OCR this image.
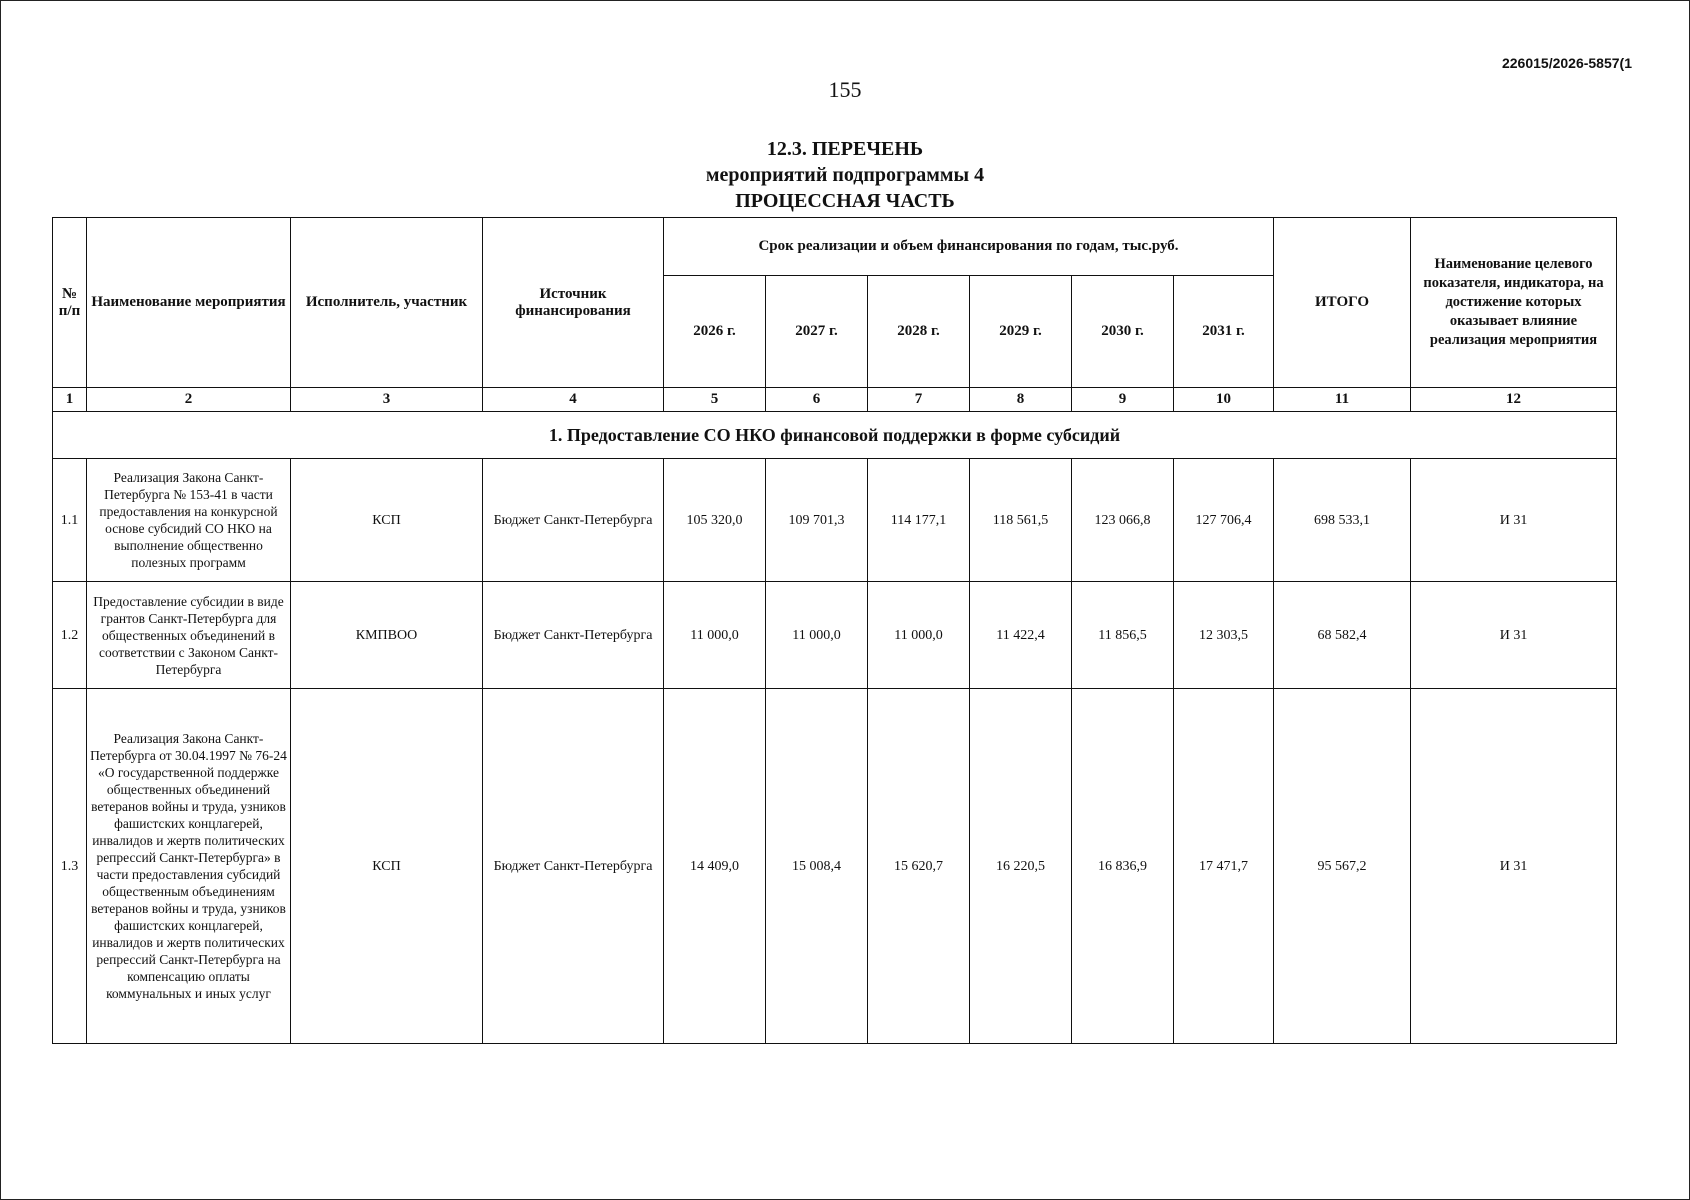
226015/2026-5857(1
155
12.3. ПЕРЕЧЕНЬ
мероприятий подпрограммы 4
ПРОЦЕССНАЯ ЧАСТЬ
№ п/п	Наименование мероприятия	Исполнитель, участник	Источник финансирования	Срок реализации и объем финансирования по годам, тыс.руб.						ИТОГО	Наименование целевого показателя, индикатора, на достижение которых оказывает влияние реализация мероприятия
				2026 г.	2027 г.	2028 г.	2029 г.	2030 г.	2031 г.		
1	2	3	4	5	6	7	8	9	10	11	12
1. Предоставление СО НКО финансовой поддержки в форме субсидий											
1.1	Реализация Закона Санкт-Петербурга № 153-41 в части предоставления на конкурсной основе субсидий СО НКО на выполнение общественно полезных программ	КСП	Бюджет Санкт-Петербурга	105 320,0	109 701,3	114 177,1	118 561,5	123 066,8	127 706,4	698 533,1	И 31
1.2	Предоставление субсидии в виде грантов Санкт-Петербурга для общественных объединений в соответствии с Законом Санкт-Петербурга	КМПВОО	Бюджет Санкт-Петербурга	11 000,0	11 000,0	11 000,0	11 422,4	11 856,5	12 303,5	68 582,4	И 31
1.3	Реализация Закона Санкт-Петербурга от 30.04.1997 № 76-24 «О государственной поддержке общественных объединений ветеранов войны и труда, узников фашистских концлагерей, инвалидов и жертв политических репрессий Санкт-Петербурга» в части предоставления субсидий общественным объединениям ветеранов войны и труда, узников фашистских концлагерей, инвалидов и жертв политических репрессий Санкт-Петербурга на компенсацию оплаты коммунальных и иных услуг	КСП	Бюджет Санкт-Петербурга	14 409,0	15 008,4	15 620,7	16 220,5	16 836,9	17 471,7	95 567,2	И 31
